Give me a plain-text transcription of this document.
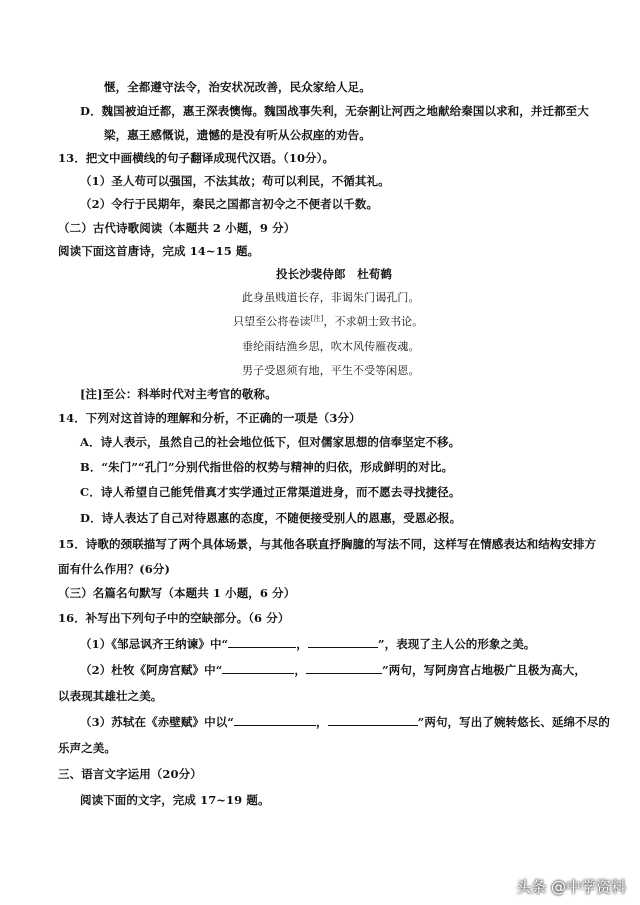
惬，全都遵守法令，治安状况改善，民众家给人足。
D．魏国被迫迁都，惠王深表懊悔。魏国战事失利，无奈割让河西之地献给秦国以求和，并迁都至大
梁，惠王感慨说，遗憾的是没有听从公叔座的劝告。
13．把文中画横线的句子翻译成现代汉语。（10分）。
（1）圣人苟可以强国，不法其故；苟可以利民，不循其礼。
（2）令行于民期年，秦民之国都言初令之不便者以千数。
（二）古代诗歌阅读（本题共 2 小题，9 分）
阅读下面这首唐诗，完成 14~15 题。
投长沙裴侍郎　杜荀鹤
此身虽贱道长存，非谒朱门谒孔门。
只望至公将卷读[注]，不求朝士致书论。
垂纶雨结渔乡思，吹木风传雁夜魂。
男子受恩须有地，平生不受等闲恩。
[注]至公：科举时代对主考官的敬称。
14．下列对这首诗的理解和分析，不正确的一项是（3分）
A．诗人表示，虽然自己的社会地位低下，但对儒家思想的信奉坚定不移。
B．“朱门”“孔门”分别代指世俗的权势与精神的归依，形成鲜明的对比。
C．诗人希望自己能凭借真才实学通过正常渠道进身，而不愿去寻找捷径。
D．诗人表达了自己对待恩惠的态度，不随便接受别人的恩惠，受恩必报。
15．诗歌的颈联描写了两个具体场景，与其他各联直抒胸臆的写法不同，这样写在情感表达和结构安排方
面有什么作用？(6分)
（三）名篇名句默写（本题共 1 小题，6 分）
16．补写出下列句子中的空缺部分。（6 分）
（1）《邹忌讽齐王纳谏》中“	，	”，表现了主人公的形象之美。
（2）杜牧《阿房宫赋》中“	，	”两句，写阿房宫占地极广且极为高大，
以表现其雄壮之美。
（3）苏轼在《赤壁赋》中以“	，	”两句，写出了婉转悠长、延绵不尽的
乐声之美。
三、语言文字运用（20分）
阅读下面的文字，完成 17~19 题。
头条 @中学资料
